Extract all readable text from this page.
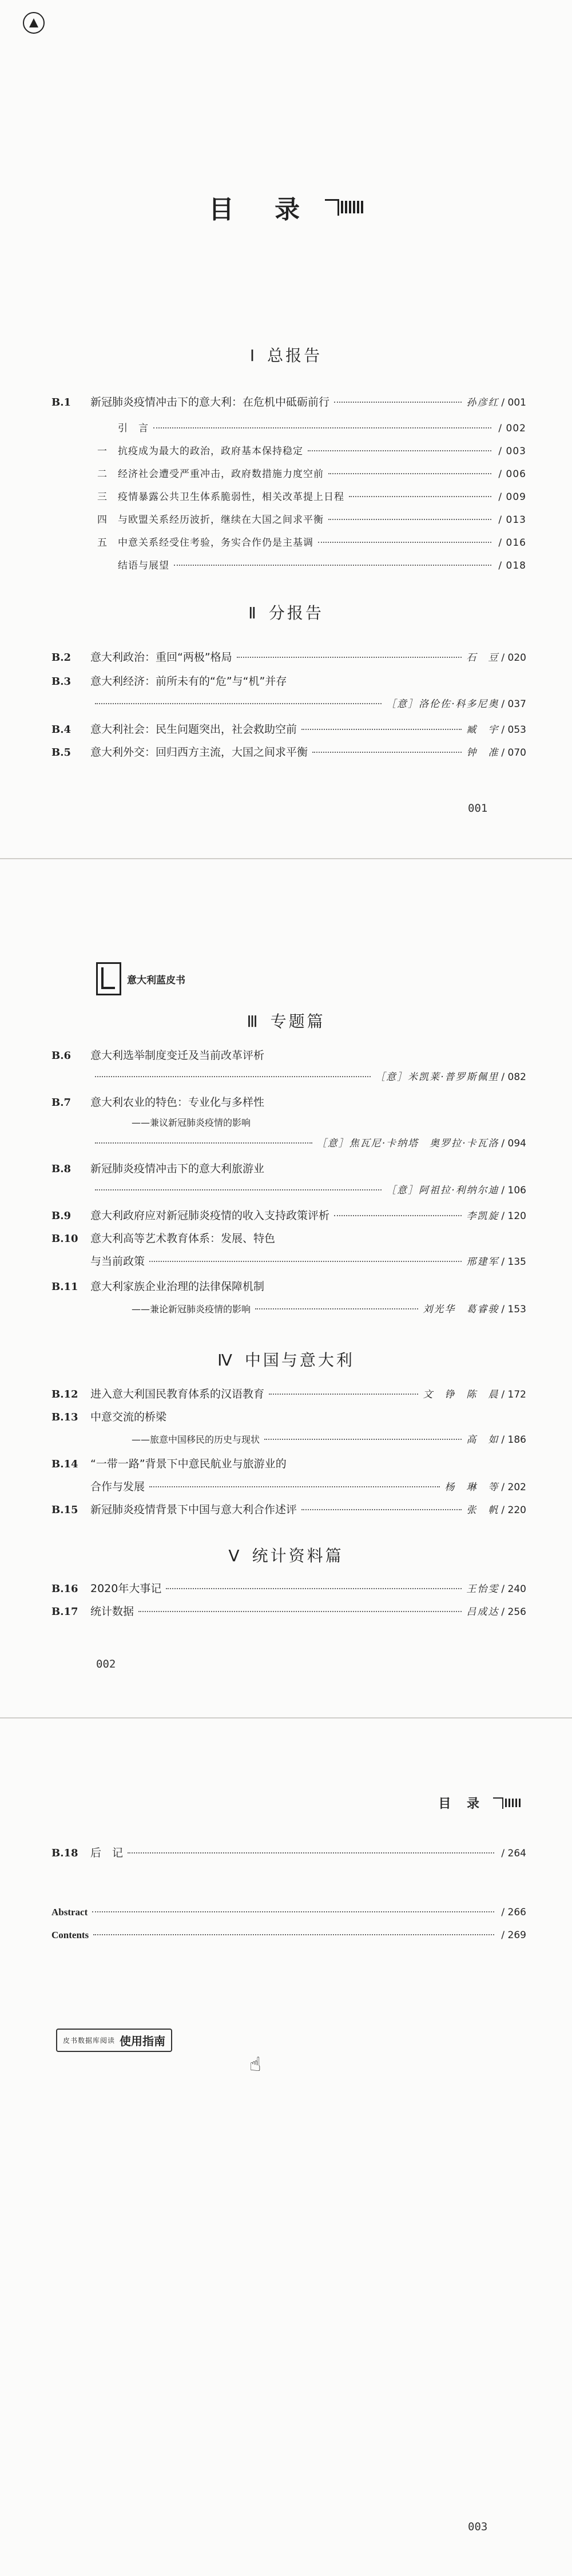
目 录
Ⅰ 总报告
B.1	新冠肺炎疫情冲击下的意大利：在危机中砥砺前行	孙彦红 / 001
引　言	/ 002
一	抗疫成为最大的政治，政府基本保持稳定	/ 003
二	经济社会遭受严重冲击，政府数措施力度空前	/ 006
三	疫情暴露公共卫生体系脆弱性，相关改革提上日程	/ 009
四	与欧盟关系经历波折，继续在大国之间求平衡	/ 013
五	中意关系经受住考验，务实合作仍是主基调	/ 016
结语与展望	/ 018
Ⅱ 分报告
B.2	意大利政治：重回“两极”格局	石　豆 / 020
B.3	意大利经济：前所未有的“危”与“机”并存
［意］洛伦佐·科多尼奥 / 037
B.4	意大利社会：民生问题突出，社会救助空前	臧　宇 / 053
B.5	意大利外交：回归西方主流，大国之间求平衡	钟　准 / 070
001
意大利蓝皮书
Ⅲ 专题篇
B.6	意大利选举制度变迁及当前改革评析
［意］米凯莱·普罗斯佩里 / 082
B.7	意大利农业的特色：专业化与多样性
——兼议新冠肺炎疫情的影响
［意］焦瓦尼·卡纳塔　奥罗拉·卡瓦洛 / 094
B.8	新冠肺炎疫情冲击下的意大利旅游业
［意］阿祖拉·利纳尔迪 / 106
B.9	意大利政府应对新冠肺炎疫情的收入支持政策评析	李凯旋 / 120
B.10	意大利高等艺术教育体系：发展、特色
与当前政策	邢建军 / 135
B.11	意大利家族企业治理的法律保障机制
——兼论新冠肺炎疫情的影响	刘光华　葛睿骏 / 153
Ⅳ 中国与意大利
B.12	进入意大利国民教育体系的汉语教育	文　铮　陈　晨 / 172
B.13	中意交流的桥梁
——旅意中国移民的历史与现状	高　如 / 186
B.14	“一带一路”背景下中意民航业与旅游业的
合作与发展	杨　琳　等 / 202
B.15	新冠肺炎疫情背景下中国与意大利合作述评	张　帆 / 220
Ⅴ 统计资料篇
B.16	2020年大事记	王怡雯 / 240
B.17	统计数据	吕成达 / 256
002
目 录
B.18	后　记	/ 264
Abstract	/ 266
Contents	/ 269
皮书数据库阅读 使用指南
☝
003
